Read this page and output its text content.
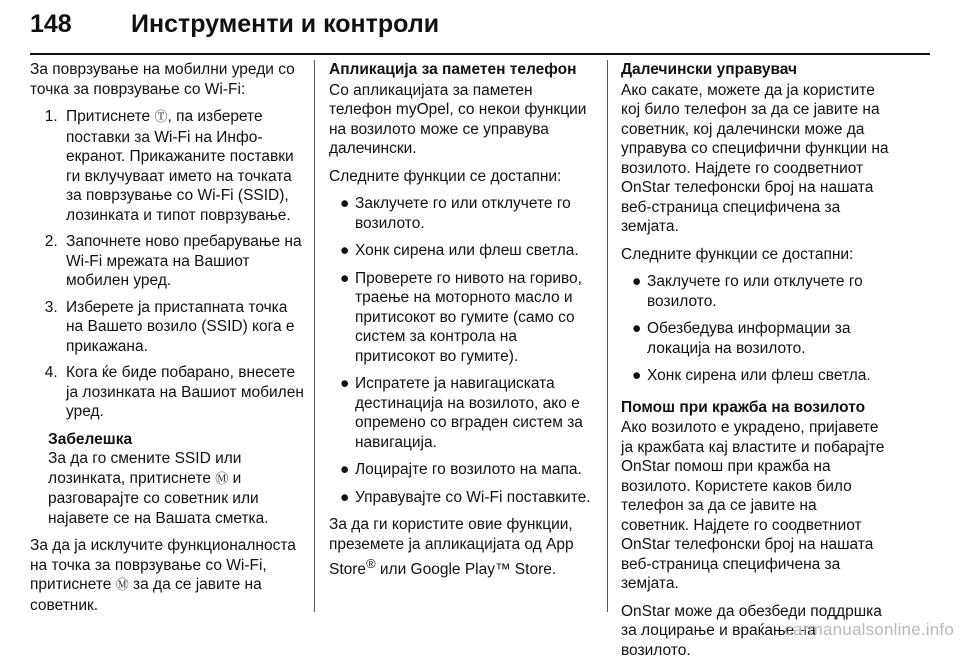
148 Инструменти и контроли

За поврзување на мобилни уреди со точка за поврзување со Wi-Fi:

1. Притиснете Ⓣ, па изберете поставки за Wi-Fi на Инфо-екранот. Прикажаните поставки ги вклучуваат името на точката за поврзување со Wi-Fi (SSID), лозинката и типот поврзување.
2. Започнете ново пребарување на Wi-Fi мрежата на Вашиот мобилен уред.
3. Изберете ја пристапната точка на Вашето возило (SSID) кога е прикажана.
4. Кога ќе биде побарано, внесете ја лозинката на Вашиот мобилен уред.
Забелешка
За да го смените SSID или лозинката, притиснете Ⓜ и разговарајте со советник или најавете се на Вашата сметка.

За да ја исклучите функционалноста на точка за поврзување со Wi-Fi, притиснете Ⓜ за да се јавите на советник.

Апликација за паметен телефон

Со апликацијата за паметен телефон myOpel, со некои функции на возилото може се управува далечински.

Следните функции се достапни:

● Заклучете го или отклучете го возилото.
● Хонк сирена или флеш светла.
● Проверете го нивото на гориво, траење на моторното масло и притисокот во гумите (само со систем за контрола на притисокот во гумите).
● Испратете ја навигациската дестинација на возилото, ако е опремено со вграден систем за навигација.
● Лоцирајте го возилото на мапа.
● Управувајте со Wi-Fi поставките.

За да ги користите овие функции, преземете ја апликацијата од App Store® или Google Play™ Store.

Далечински управувач

Ако сакате, можете да ја користите кој било телефон за да се јавите на советник, кој далечински може да управува со специфични функции на возилото. Најдете го соодветниот OnStar телефонски број на нашата веб-страница специфичена за земјата.

Следните функции се достапни:

● Заклучете го или отклучете го возилото.
● Обезбедува информации за локација на возилото.
● Хонк сирена или флеш светла.
Помош при кражба на возилото

Ако возилото е украдено, пријавете ја кражбата кај властите и побарајте OnStar помош при кражба на возилото. Користете каков било телефон за да се јавите на советник. Најдете го соодветниот OnStar телефонски број на нашата веб-страница специфичена за земјата.

OnStar може да обезбеди поддршка за лоцирање и враќање на возилото.

carmanualsonline.info
